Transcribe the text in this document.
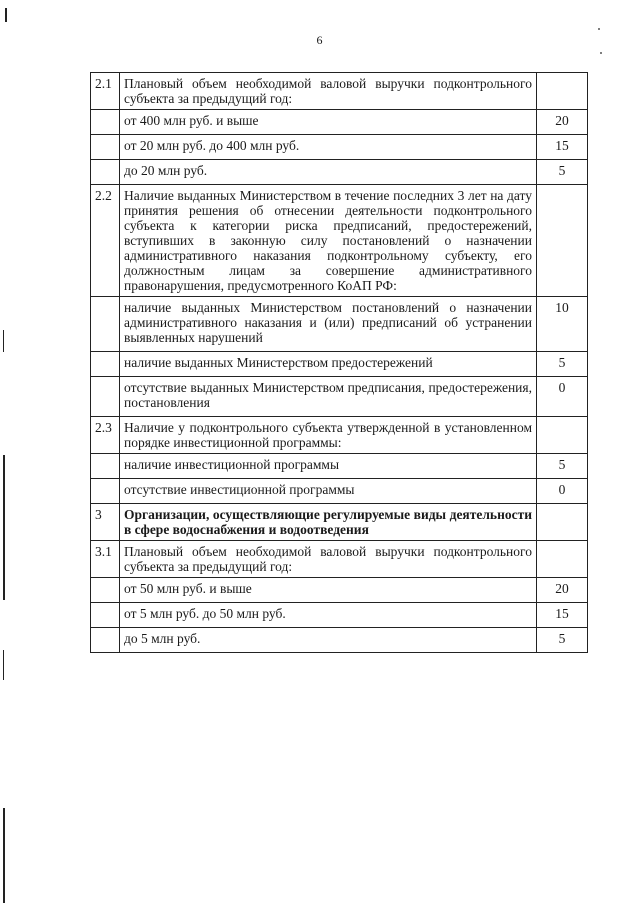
6
2.1	Плановый объем необходимой валовой выручки подконтрольного субъекта за предыдущий год:	
	от 400 млн руб. и выше	20
	от 20 млн руб. до 400 млн руб.	15
	до 20 млн руб.	5
2.2	Наличие выданных Министерством в течение последних 3 лет на дату принятия решения об отнесении деятельности подконтрольного субъекта к категории риска предписаний, предостережений, вступивших в законную силу постановлений о назначении административного наказания подконтрольному субъекту, его должностным лицам за совершение административного правонарушения, предусмотренного КоАП РФ:	
	наличие выданных Министерством постановлений о назначении административного наказания и (или) предписаний об устранении выявленных нарушений	10
	наличие выданных Министерством предостережений	5
	отсутствие выданных Министерством предписания, предостережения, постановления	0
2.3	Наличие у подконтрольного субъекта утвержденной в установленном порядке инвестиционной программы:	
	наличие инвестиционной программы	5
	отсутствие инвестиционной программы	0
3	Организации, осуществляющие регулируемые виды деятельности в сфере водоснабжения и водоотведения	
3.1	Плановый объем необходимой валовой выручки подконтрольного субъекта за предыдущий год:	
	от 50 млн руб. и выше	20
	от 5 млн руб. до 50 млн руб.	15
	до 5 млн руб.	5
